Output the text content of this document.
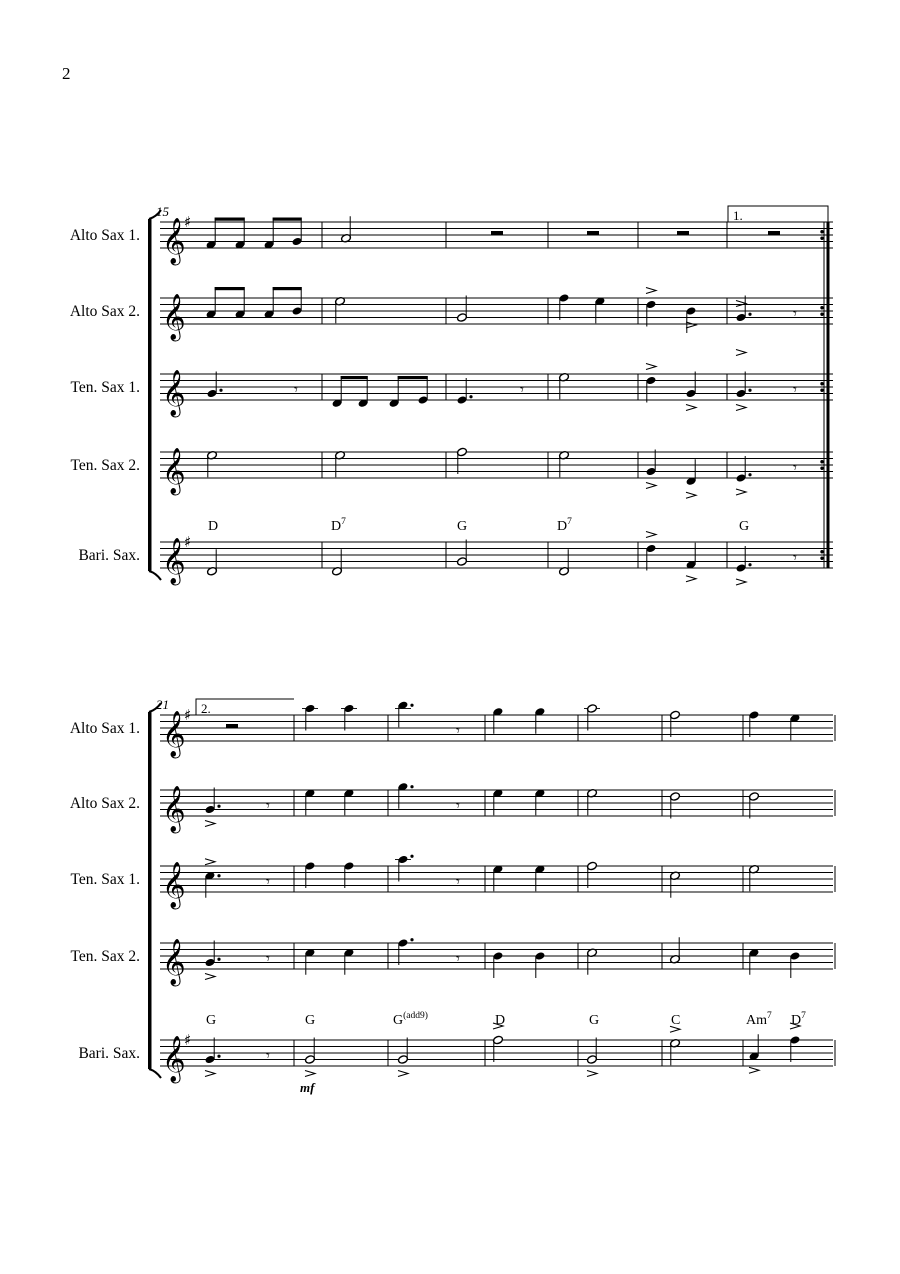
2
𝄞
♯
Alto Sax 1.
𝄞
Alto Sax 2.
𝄞
Ten. Sax 1.
𝄞
Ten. Sax 2.
𝄞
♯
Bari. Sax.
15	1.
𝄾
𝄾	𝄾	𝄾
𝄾
D	$D^7$	G	$D^7$	G
𝄾
𝄞
♯
Alto Sax 1.
𝄞
Alto Sax 2.
𝄞
Ten. Sax 1.
𝄞
Ten. Sax 2.
𝄞
♯
Bari. Sax.
21 2.
𝄾
𝄾	𝄾
𝄾	𝄾
𝄾	𝄾
G	G	$G^{(add9)}$	D	G	C	Am$^7$ $D^7$
𝄾
mf
